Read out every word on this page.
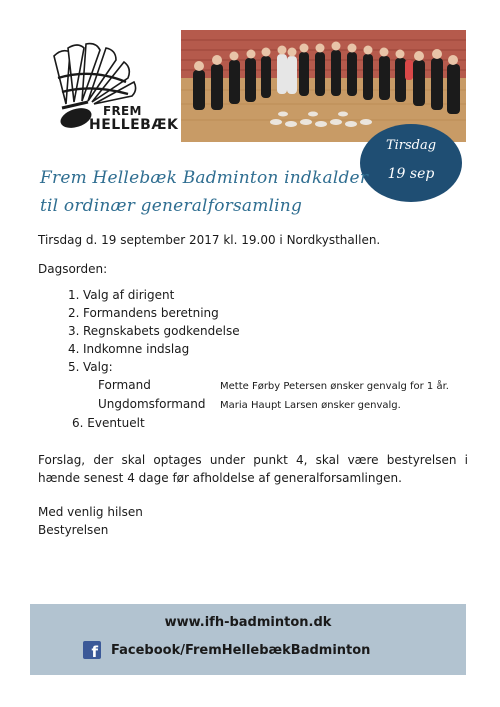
FREM
HELLEBÆK
Tirsdag
19 sep
Frem Hellebæk Badminton indkalder
til ordinær generalforsamling
Tirsdag d. 19 september 2017 kl. 19.00 i Nordkysthallen.
Dagsorden:
1. Valg af dirigent
2. Formandens beretning
3. Regnskabets godkendelse
4. Indkomne indslag
5. Valg:
Formand	Mette Førby Petersen ønsker genvalg for 1 år.
Ungdomsformand Maria Haupt Larsen ønsker genvalg.
6. Eventuelt
Forslag, der skal optages under punkt 4, skal være bestyrelsen i hænde senest 4 dage før afholdelse af generalforsamlingen.
Med venlig hilsen
Bestyrelsen
www.ifh-badminton.dk
f Facebook/FremHellebækBadminton
